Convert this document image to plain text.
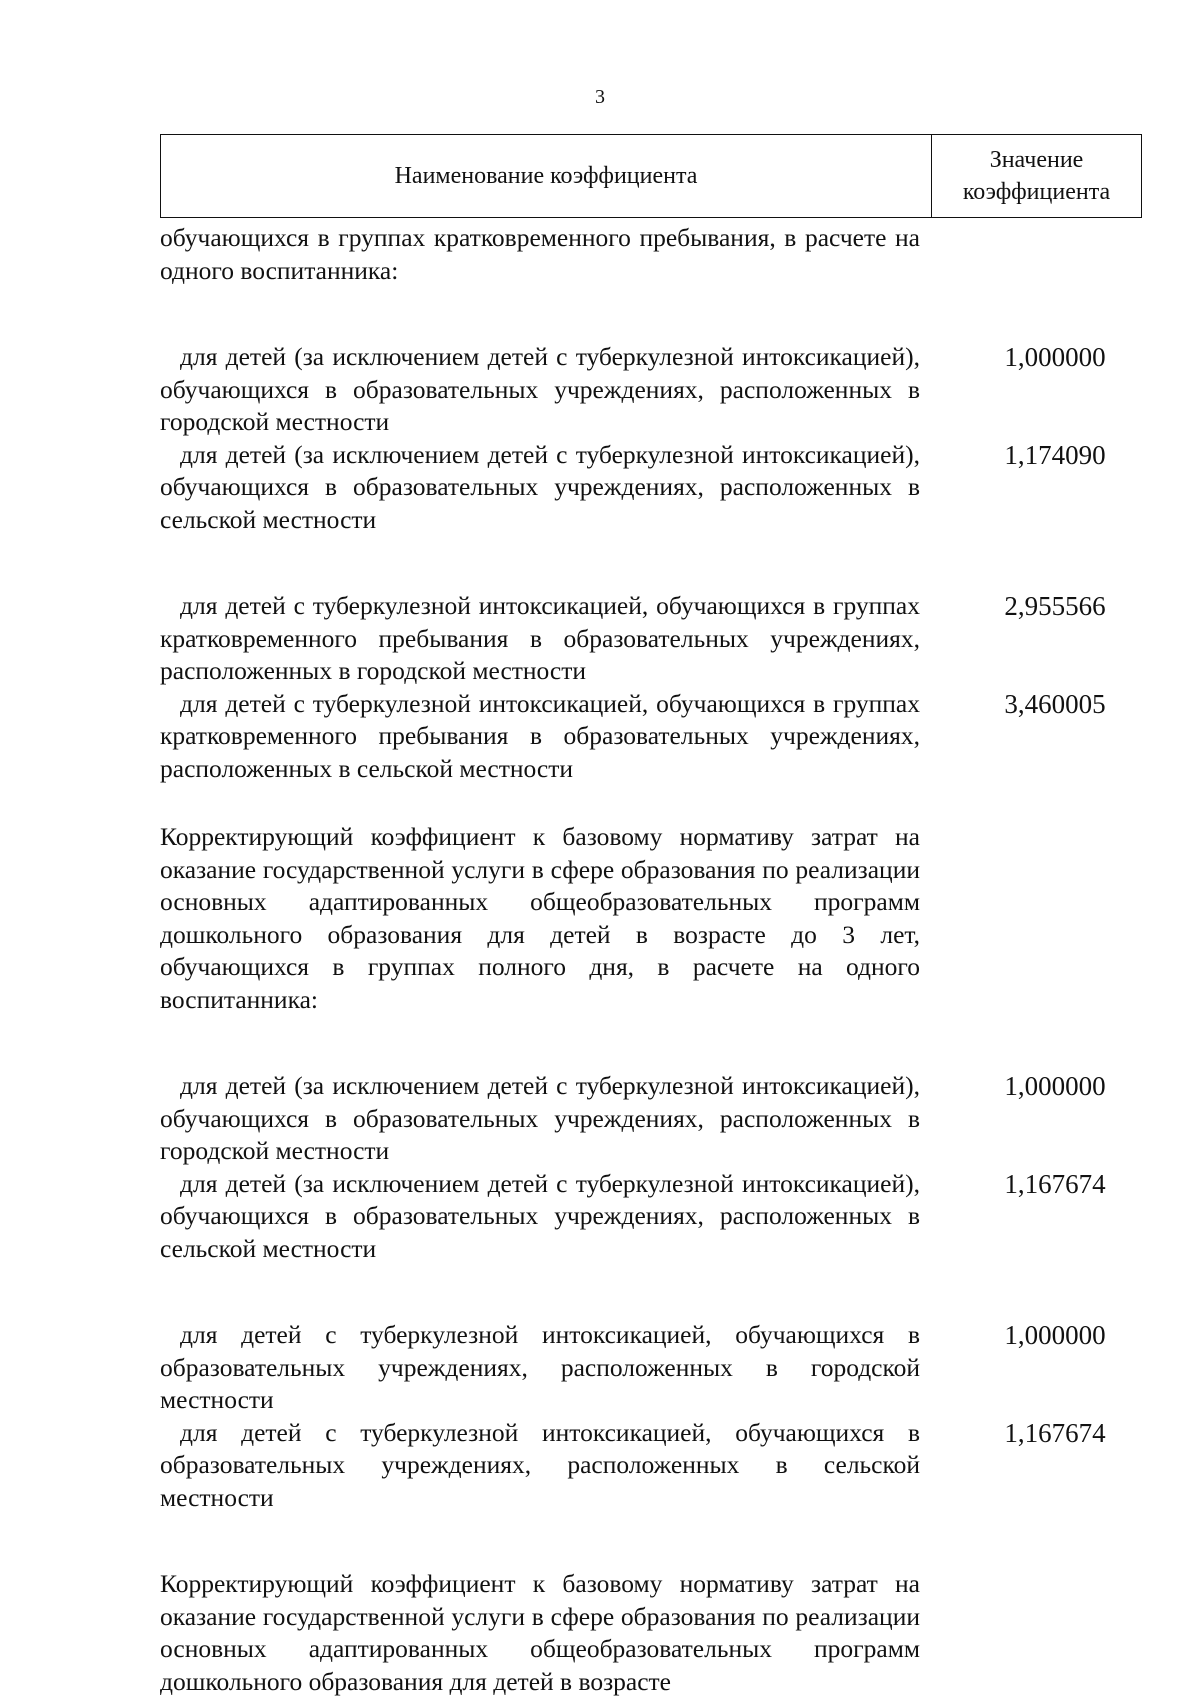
3
Наименование коэффициента	
Значение
коэффициента
обучающихся в группах кратковременного пребывания, в расчете на одного воспитанника:
для детей (за исключением детей с туберкулезной интоксикацией), обучающихся в образовательных учреждениях, расположенных в городской местности
1,000000
для детей (за исключением детей с туберкулезной интоксикацией), обучающихся в образовательных учреждениях, расположенных в сельской местности
1,174090
для детей с туберкулезной интоксикацией, обучающихся в группах кратковременного пребывания в образовательных учреждениях, расположенных в городской местности
2,955566
для детей с туберкулезной интоксикацией, обучающихся в группах кратковременного пребывания в образовательных учреждениях, расположенных в сельской местности
3,460005
Корректирующий коэффициент к базовому нормативу затрат на оказание государственной услуги в сфере образования по реализации основных адаптированных общеобразовательных программ дошкольного образования для детей в возрасте до 3 лет, обучающихся в группах полного дня, в расчете на одного воспитанника:
для детей (за исключением детей с туберкулезной интоксикацией), обучающихся в образовательных учреждениях, расположенных в городской местности
1,000000
для детей (за исключением детей с туберкулезной интоксикацией), обучающихся в образовательных учреждениях, расположенных в сельской местности
1,167674
для детей с туберкулезной интоксикацией, обучающихся в образовательных учреждениях, расположенных в городской местности
1,000000
для детей с туберкулезной интоксикацией, обучающихся в образовательных учреждениях, расположенных в сельской местности
1,167674
Корректирующий коэффициент к базовому нормативу затрат на оказание государственной услуги в сфере образования по реализации основных адаптированных общеобразовательных программ дошкольного образования для детей в возрасте
